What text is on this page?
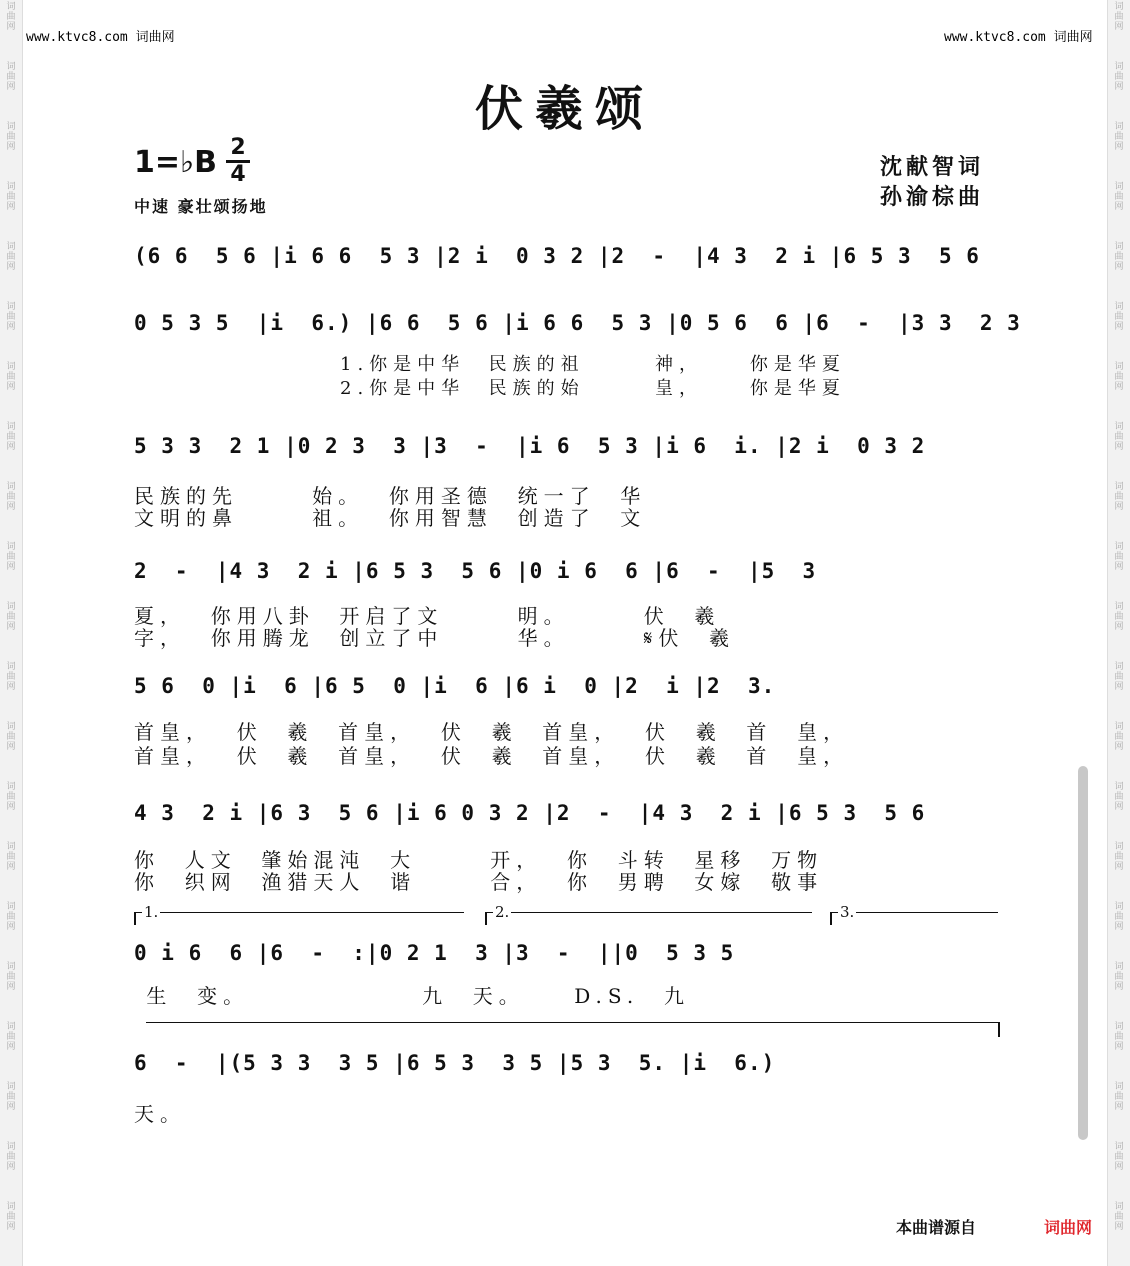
词
曲
网
词
曲
网
词
曲
网
词
曲
网
词
曲
网
词
曲
网
词
曲
网
词
曲
网
词
曲
网
词
曲
网
词
曲
网
词
曲
网
词
曲
网
词
曲
网
词
曲
网
词
曲
网
词
曲
网
词
曲
网
词
曲
网
词
曲
网
词
曲
网
词
曲
网
词
曲
网
词
曲
网
词
曲
网
词
曲
网
词
曲
网
词
曲
网
词
曲
网
词
曲
网
词
曲
网
词
曲
网
词
曲
网
词
曲
网
词
曲
网
词
曲
网
词
曲
网
词
曲
网
词
曲
网
词
曲
网
词
曲
网
词
曲
网
www.ktvc8.com 词曲网	www.ktvc8.com 词曲网
伏羲颂
1=♭B 2
4	沈献智词
孙渝棕曲
中速 豪壮颂扬地
(6 6  5 6 |i 6 6  5 3 |2 i  0 3 2 |2  -  |4 3  2 i |6 5 3  5 6
0 5 3 5  |i  6.) |6 6  5 6 |i 6 6  5 3 |0 5 6  6 |6  -  |3 3  2 3
1.你是中华  民族的祖      神，    你是华夏
2.你是中华  民族的始      皇，    你是华夏
5 3 3  2 1 |0 2 3  3 |3  -  |i 6  5 3 |i 6  i. |2 i  0 3 2
民族的先      始。  你用圣德  统一了  华
文明的鼻      祖。  你用智慧  创造了  文
2  -  |4 3  2 i |6 5 3  5 6 |0 i 6  6 |6  -  |5  3
夏，  你用八卦  开启了文      明。      伏  羲
字，  你用腾龙  创立了中      华。      𝄋伏  羲
5 6  0 |i  6 |6 5  0 |i  6 |6 i  0 |2  i |2  3.
首皇，  伏  羲  首皇，  伏  羲  首皇，  伏  羲  首  皇，
首皇，  伏  羲  首皇，  伏  羲  首皇，  伏  羲  首  皇，
4 3  2 i |6 3  5 6 |i 6 0 3 2 |2  -  |4 3  2 i |6 5 3  5 6
你  人文  肇始混沌  大      开，  你  斗转  星移  万物
你  织网  渔猎天人  谐      合，  你  男聘  女嫁  敬事
1.	2.	3.
0 i 6  6 |6  -  :|0 2 1  3 |3  -  ||0  5 3 5
生  变。              九  天。    D.S.  九
6  -  |(5 3 3  3 5 |6 5 3  3 5 |5 3  5. |i  6.)
天。
本曲谱源自	词曲网
